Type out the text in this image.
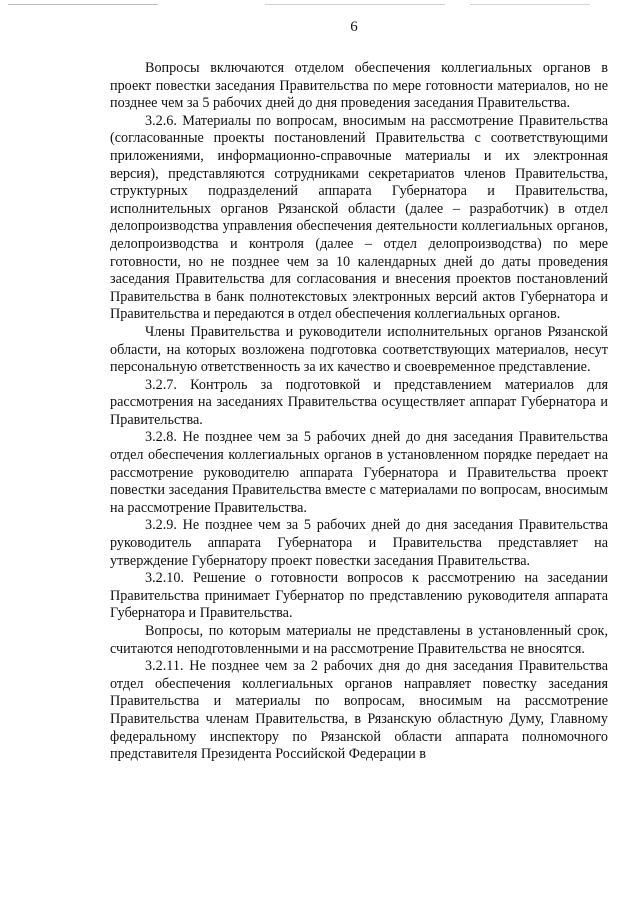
6

Вопросы включаются отделом обеспечения коллегиальных органов в проект повестки заседания Правительства по мере готовности материалов, но не позднее чем за 5 рабочих дней до дня проведения заседания Правительства.

3.2.6. Материалы по вопросам, вносимым на рассмотрение Правительства (согласованные проекты постановлений Правительства с соответствующими приложениями, информационно-справочные материалы и их электронная версия), представляются сотрудниками секретариатов членов Правительства, структурных подразделений аппарата Губернатора и Правительства, исполнительных органов Рязанской области (далее – разработчик) в отдел делопроизводства управления обеспечения деятельности коллегиальных органов, делопроизводства и контроля (далее – отдел делопроизводства) по мере готовности, но не позднее чем за 10 календарных дней до даты проведения заседания Правительства для согласования и внесения проектов постановлений Правительства в банк полнотекстовых электронных версий актов Губернатора и Правительства и передаются в отдел обеспечения коллегиальных органов.

Члены Правительства и руководители исполнительных органов Рязанской области, на которых возложена подготовка соответствующих материалов, несут персональную ответственность за их качество и своевременное представление.

3.2.7. Контроль за подготовкой и представлением материалов для рассмотрения на заседаниях Правительства осуществляет аппарат Губернатора и Правительства.

3.2.8. Не позднее чем за 5 рабочих дней до дня заседания Правительства отдел обеспечения коллегиальных органов в установленном порядке передает на рассмотрение руководителю аппарата Губернатора и Правительства проект повестки заседания Правительства вместе с материалами по вопросам, вносимым на рассмотрение Правительства.

3.2.9. Не позднее чем за 5 рабочих дней до дня заседания Правительства руководитель аппарата Губернатора и Правительства представляет на утверждение Губернатору проект повестки заседания Правительства.

3.2.10. Решение о готовности вопросов к рассмотрению на заседании Правительства принимает Губернатор по представлению руководителя аппарата Губернатора и Правительства.

Вопросы, по которым материалы не представлены в установленный срок, считаются неподготовленными и на рассмотрение Правительства не вносятся.

3.2.11. Не позднее чем за 2 рабочих дня до дня заседания Правительства отдел обеспечения коллегиальных органов направляет повестку заседания Правительства и материалы по вопросам, вносимым на рассмотрение Правительства членам Правительства, в Рязанскую областную Думу, Главному федеральному инспектору по Рязанской области аппарата полномочного представителя Президента Российской Федерации в
